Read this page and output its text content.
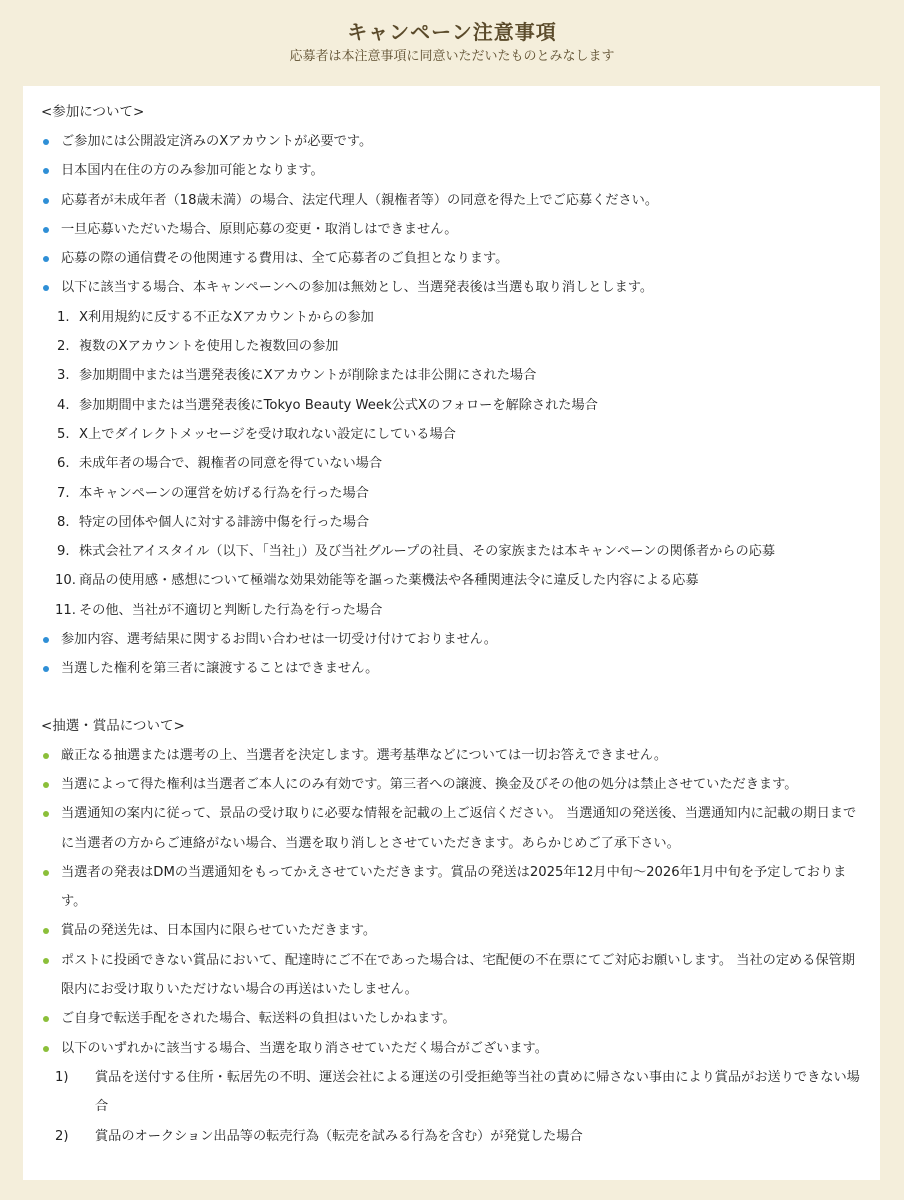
キャンペーン注意事項
応募者は本注意事項に同意いただいたものとみなします
<参加について>
ご参加には公開設定済みのXアカウントが必要です。
日本国内在住の方のみ参加可能となります。
応募者が未成年者（18歳未満）の場合、法定代理人（親権者等）の同意を得た上でご応募ください。
一旦応募いただいた場合、原則応募の変更・取消しはできません。
応募の際の通信費その他関連する費用は、全て応募者のご負担となります。
以下に該当する場合、本キャンペーンへの参加は無効とし、当選発表後は当選も取り消しとします。
1. X利用規約に反する不正なXアカウントからの参加
2. 複数のXアカウントを使用した複数回の参加
3. 参加期間中または当選発表後にXアカウントが削除または非公開にされた場合
4. 参加期間中または当選発表後にTokyo Beauty Week公式Xのフォローを解除された場合
5. X上でダイレクトメッセージを受け取れない設定にしている場合
6. 未成年者の場合で、親権者の同意を得ていない場合
7. 本キャンペーンの運営を妨げる行為を行った場合
8. 特定の団体や個人に対する誹謗中傷を行った場合
9. 株式会社アイスタイル（以下、「当社」）及び当社グループの社員、その家族または本キャンペーンの関係者からの応募
10. 商品の使用感・感想について極端な効果効能等を謳った薬機法や各種関連法令に違反した内容による応募
11. その他、当社が不適切と判断した行為を行った場合
参加内容、選考結果に関するお問い合わせは一切受け付けておりません。
当選した権利を第三者に譲渡することはできません。
<抽選・賞品について>
厳正なる抽選または選考の上、当選者を決定します。選考基準などについては一切お答えできません。
当選によって得た権利は当選者ご本人にのみ有効です。第三者への譲渡、換金及びその他の処分は禁止させていただきます。
当選通知の案内に従って、景品の受け取りに必要な情報を記載の上ご返信ください。 当選通知の発送後、当選通知内に記載の期日までに当選者の方からご連絡がない場合、当選を取り消しとさせていただきます。あらかじめご了承下さい。
当選者の発表はDMの当選通知をもってかえさせていただきます。賞品の発送は2025年12月中旬〜2026年1月中旬を予定しております。
賞品の発送先は、日本国内に限らせていただきます。
ポストに投函できない賞品において、配達時にご不在であった場合は、宅配便の不在票にてご対応お願いします。 当社の定める保管期限内にお受け取りいただけない場合の再送はいたしません。
ご自身で転送手配をされた場合、転送料の負担はいたしかねます。
以下のいずれかに該当する場合、当選を取り消させていただく場合がございます。
1) 賞品を送付する住所・転居先の不明、運送会社による運送の引受拒絶等当社の責めに帰さない事由により賞品がお送りできない場合
2) 賞品のオークション出品等の転売行為（転売を試みる行為を含む）が発覚した場合
